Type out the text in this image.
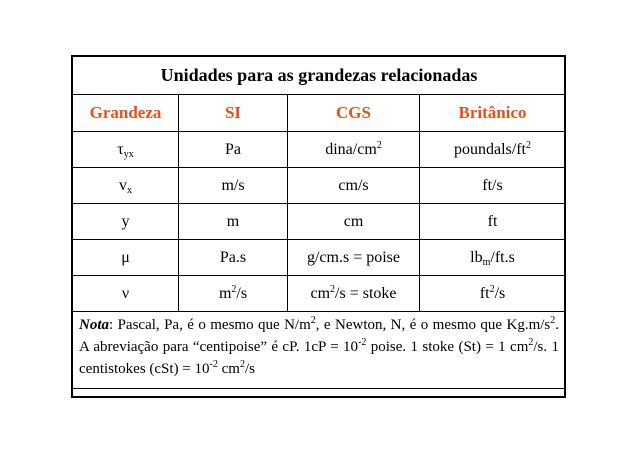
Unidades para as grandezas relacionadas			
Grandeza	SI	CGS	Britânico
$\tau_{yx}$	Pa	dina/$cm^2$	poundals/$ft^2$
$v_x$	m/s	cm/s	ft/s
y	m	cm	ft
μ	Pa.s	g/cm.s = poise	$lb_m/ft.s$
ν	$m^2/s$	$cm^2/s$ = stoke	$ft^2/s$
Nota: Pascal, Pa, é o mesmo que $N/m^2$, e Newton, N, é o mesmo que $Kg.m/s^2$. A abreviação para “centipoise” é cP. $1cP = 10^{-2}$ poise. 1 stoke (St) = 1 $cm^2/s$. 1 centistokes $(cSt) = 10^{-2}$ $cm^2/s$			
